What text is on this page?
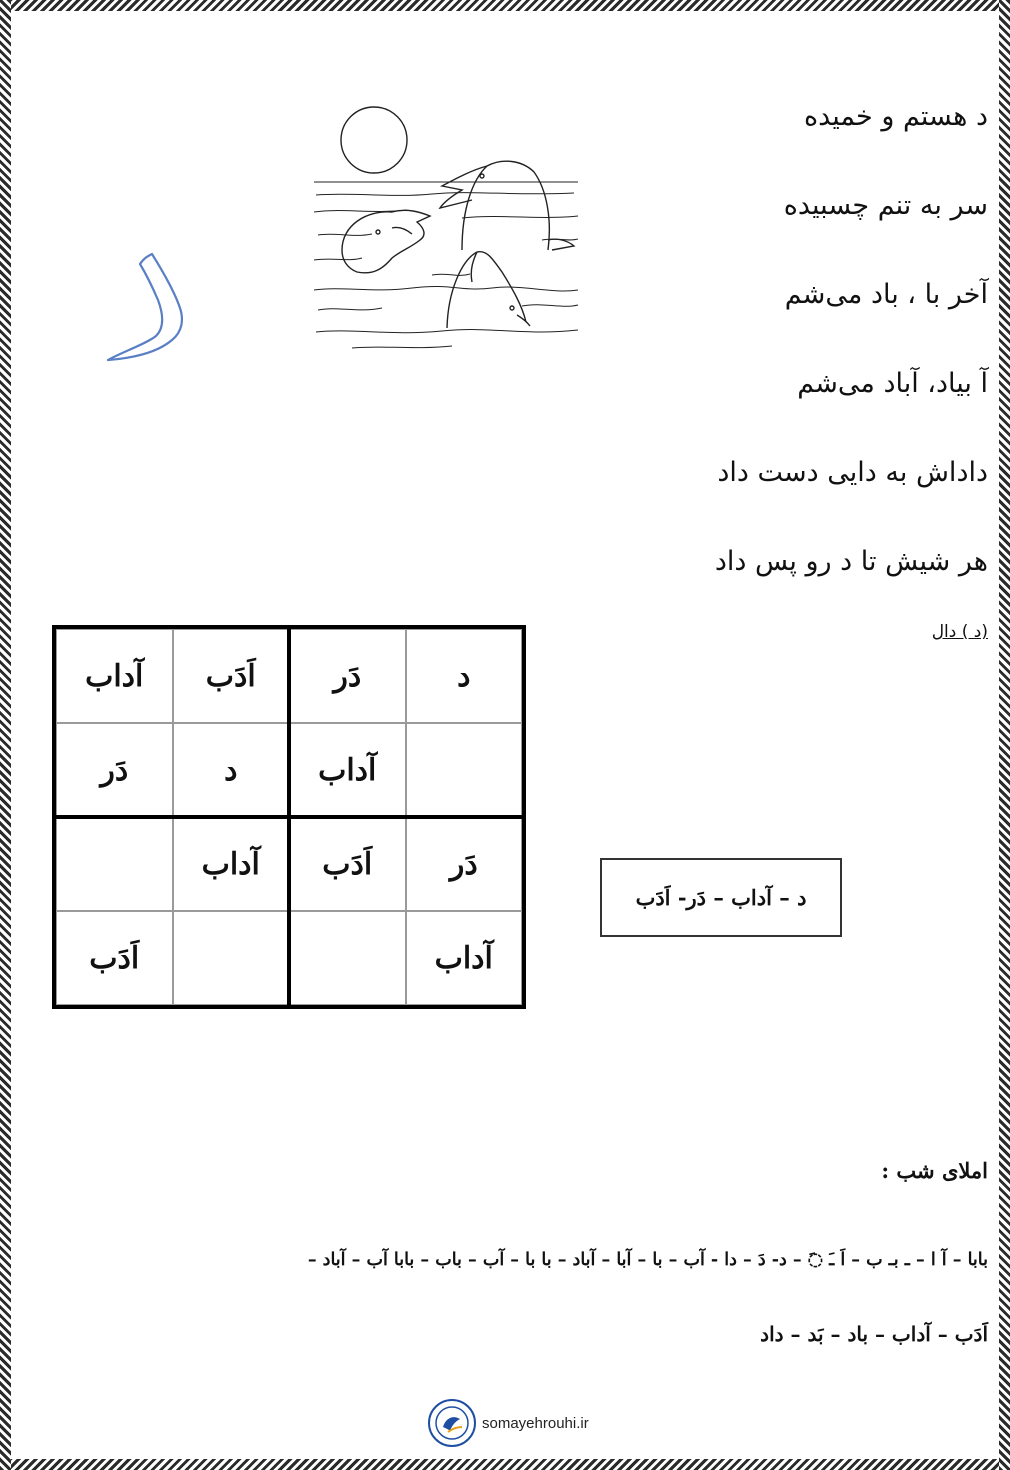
د هستم و خمیده
سر به تنم چسبیده
آخر با ، باد می‌شم
آ بیاد، آباد می‌شم
داداش به دایی دست داد
هر شیش تا د رو پس داد
(د ) دال
د
دَر
اَدَب
آداب
آداب
د
دَر
دَر
اَدَب
آداب
آداب
اَدَب
د – آداب – دَر- اَدَب
املای شب :
بابا – آ ا – ـ بـ ب – اَ ـَ ◌َ – د- دَ – دا - آب – با – آبا – آباد – با با – آب – باب – بابا آب – آباد –
اَدَب – آداب – باد – بَد – داد
somayehrouhi.ir
